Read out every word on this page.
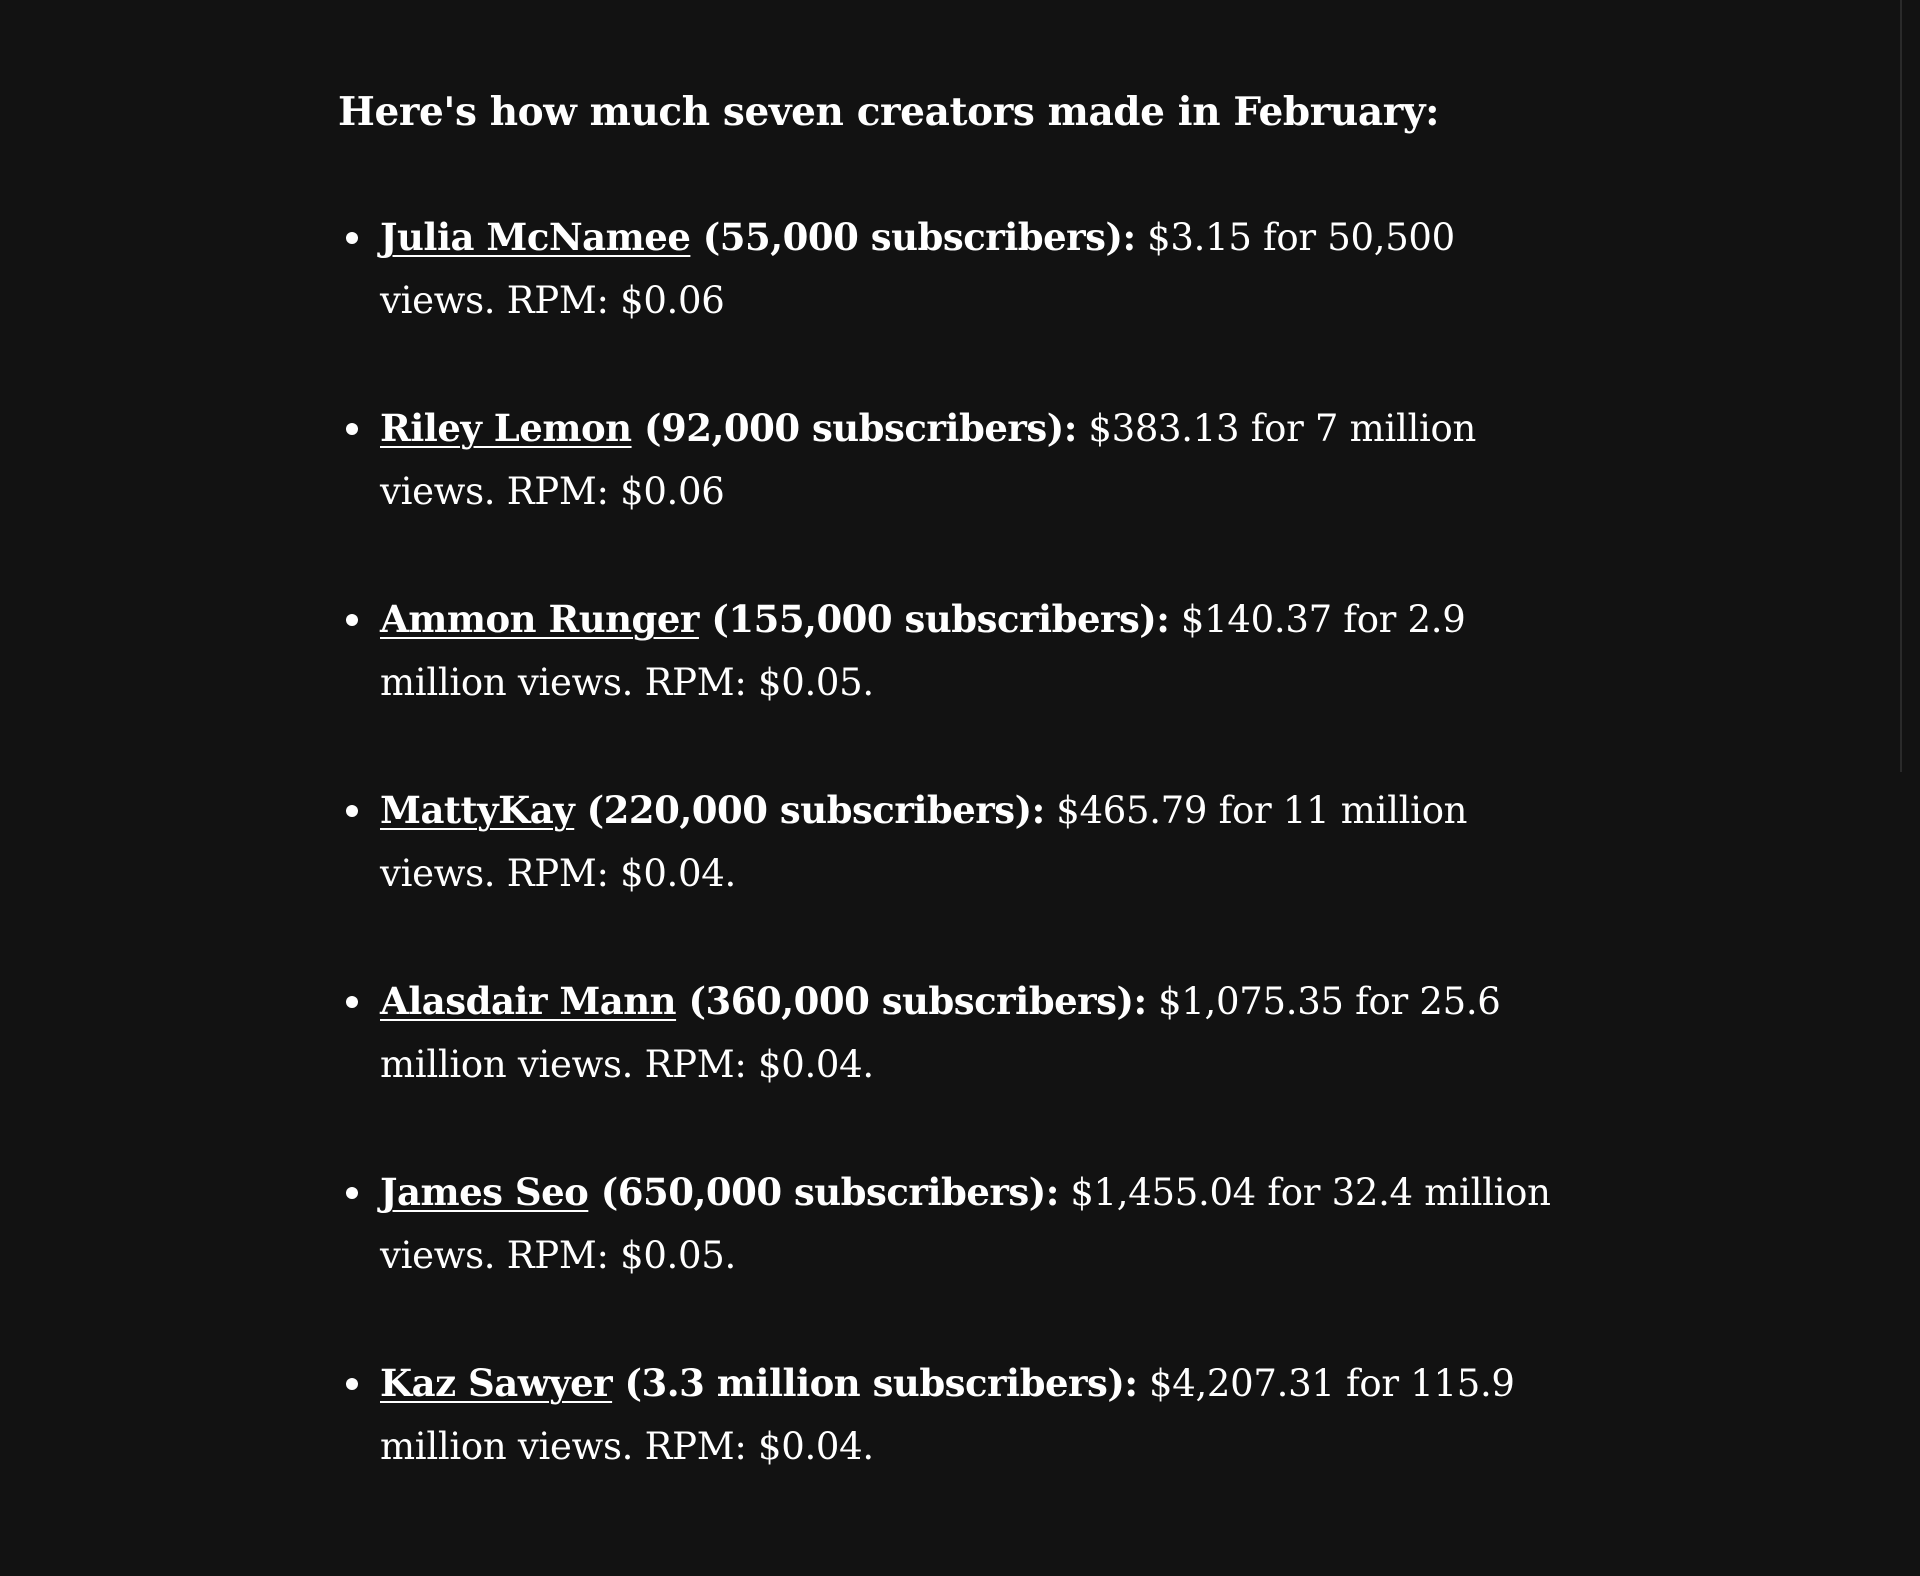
Here's how much seven creators made in February:
Julia McNamee (55,000 subscribers): $3.15 for 50,500 views. RPM: $0.06
Riley Lemon (92,000 subscribers): $383.13 for 7 million views. RPM: $0.06
Ammon Runger (155,000 subscribers): $140.37 for 2.9 million views. RPM: $0.05.
MattyKay (220,000 subscribers): $465.79 for 11 million views. RPM: $0.04.
Alasdair Mann (360,000 subscribers): $1,075.35 for 25.6 million views. RPM: $0.04.
James Seo (650,000 subscribers): $1,455.04 for 32.4 million views. RPM: $0.05.
Kaz Sawyer (3.3 million subscribers): $4,207.31 for 115.9 million views. RPM: $0.04.
